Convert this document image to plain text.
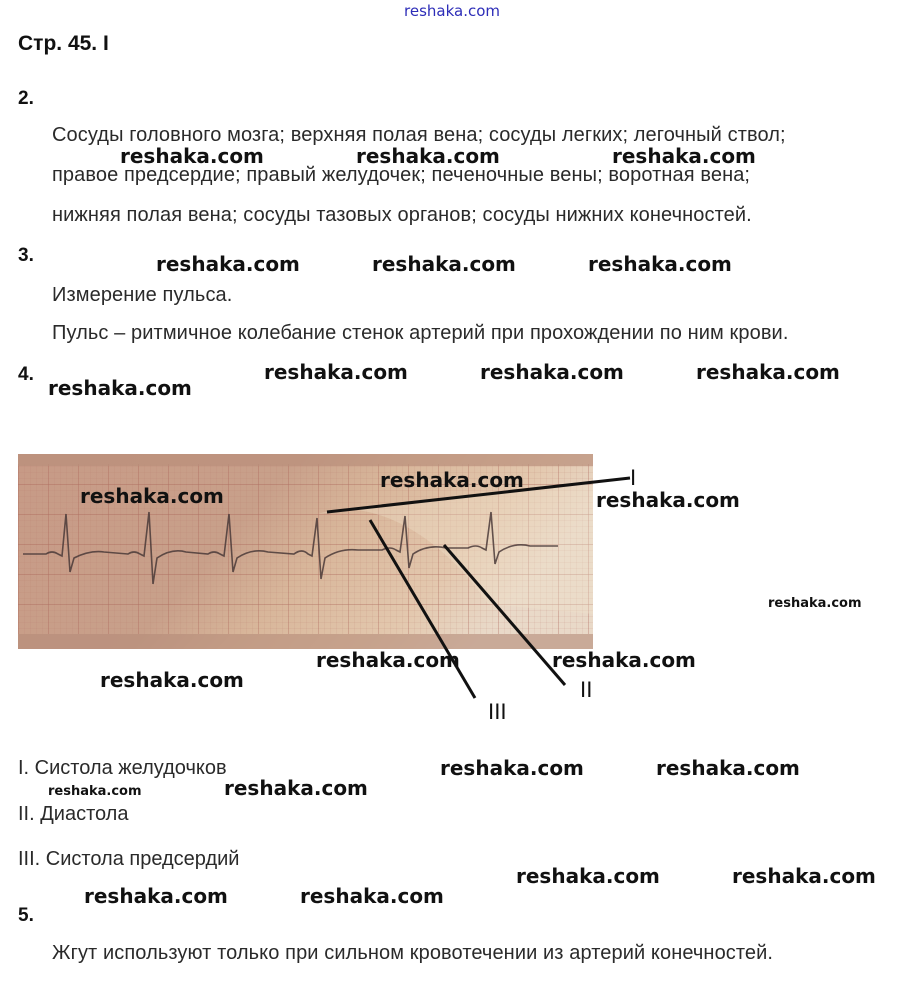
reshaka.com
Стр. 45. I
2.
Сосуды головного мозга; верхняя полая вена; сосуды легких; легочный ствол;
правое предсердие; правый желудочек; печеночные вены; воротная вена;
нижняя полая вена; сосуды тазовых органов; сосуды нижних конечностей.
3.
Измерение пульса.
Пульс – ритмичное колебание стенок артерий при прохождении по ним крови.
4.
I
II
III
I. Систола желудочков
II. Диастола
III. Систола предсердий
5.
Жгут используют только при сильном кровотечении из артерий конечностей.
reshaka.com	reshaka.com	reshaka.com
reshaka.com	reshaka.com	reshaka.com
reshaka.com	reshaka.com	reshaka.com
reshaka.com
reshaka.com
reshaka.com	reshaka.com
reshaka.com
reshaka.com	reshaka.com
reshaka.com
reshaka.com	reshaka.com
reshaka.com
reshaka.com
reshaka.com	reshaka.com
reshaka.com	reshaka.com
